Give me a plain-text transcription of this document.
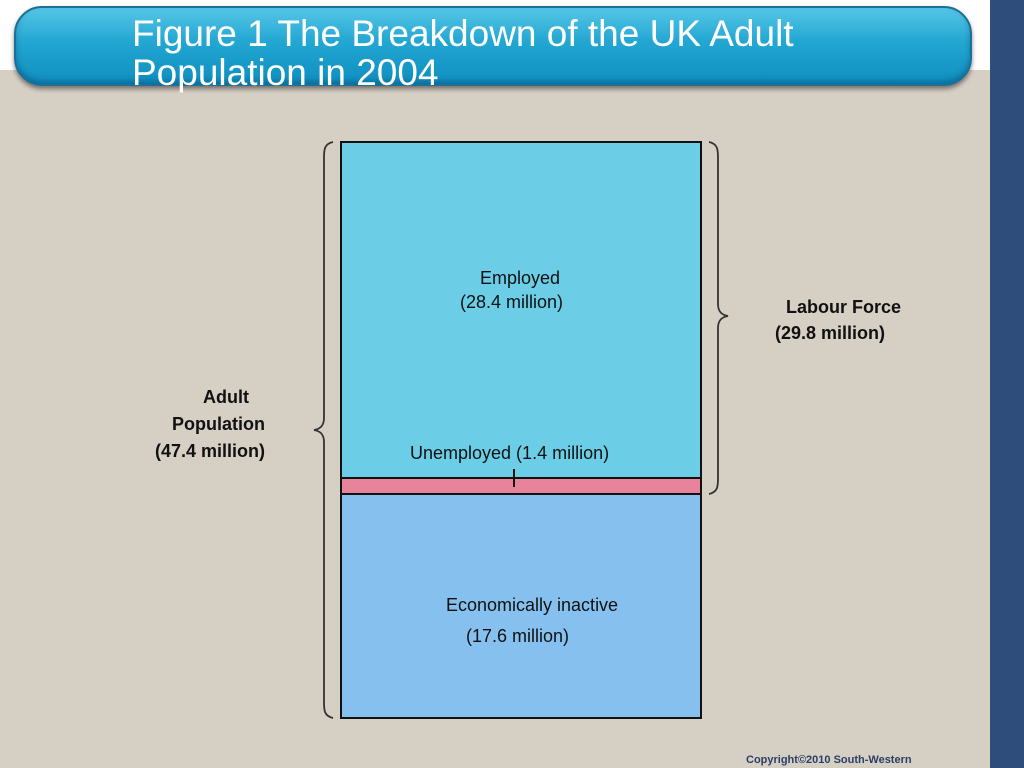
Figure 1 The Breakdown of the UK Adult Population in 2004
Employed
(28.4 million)
Unemployed (1.4 million)
Economically inactive
(17.6 million)
Labour Force
(29.8 million)
Adult
Population
(47.4 million)
Copyright©2010 South-Western
